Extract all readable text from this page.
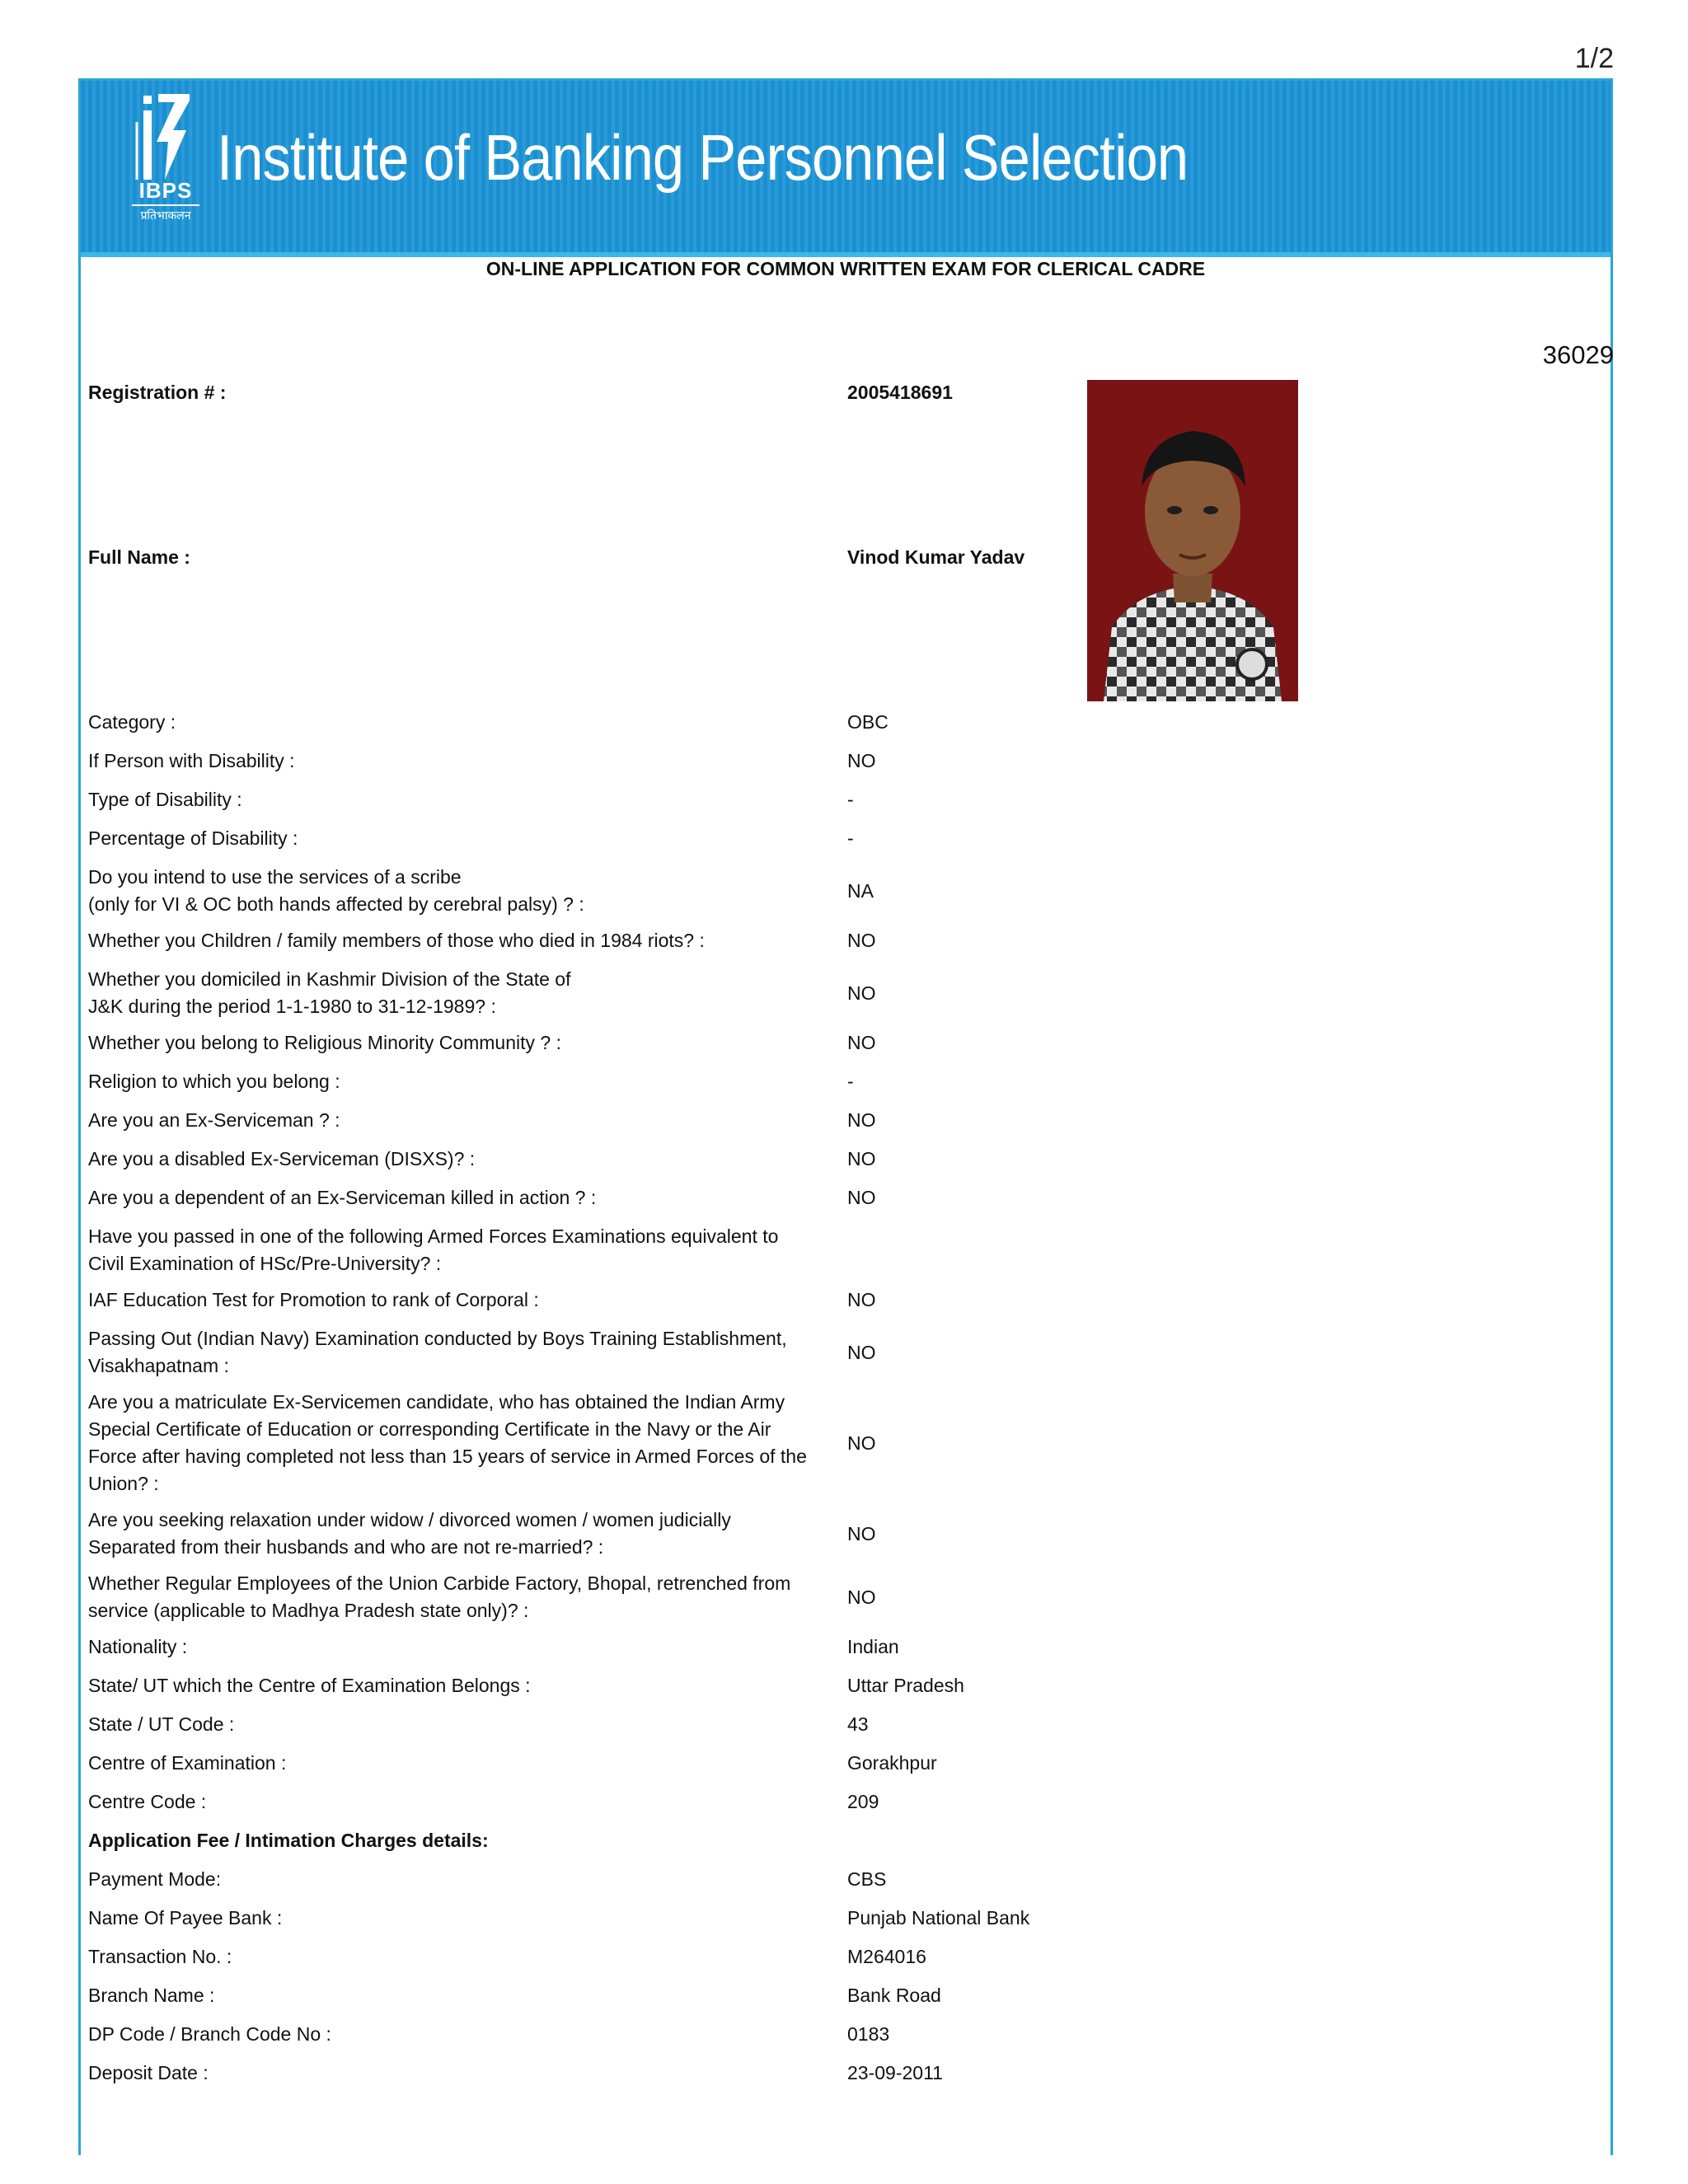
1/2
IBPS
प्रतिभाकलन
Institute of Banking Personnel Selection
ON-LINE APPLICATION FOR COMMON WRITTEN EXAM FOR CLERICAL CADRE
36029
Registration # :	2005418691
Full Name :	Vinod Kumar Yadav
Category :	OBC
If Person with Disability :	NO
Type of Disability :	-
Percentage of Disability :	-
Do you intend to use the services of a scribe
(only for VI & OC both hands affected by cerebral palsy) ? :
NA
Whether you Children / family members of those who died in 1984 riots? :	NO
Whether you domiciled in Kashmir Division of the State of
J&K during the period 1-1-1980 to 31-12-1989? :
NO
Whether you belong to Religious Minority Community ? :	NO
Religion to which you belong :	-
Are you an Ex-Serviceman ? :	NO
Are you a disabled Ex-Serviceman (DISXS)? :	NO
Are you a dependent of an Ex-Serviceman killed in action ? :	NO
Have you passed in one of the following Armed Forces Examinations equivalent to
Civil Examination of HSc/Pre-University? :
IAF Education Test for Promotion to rank of Corporal :	NO
Passing Out (Indian Navy) Examination conducted by Boys Training Establishment,
Visakhapatnam :
NO
Are you a matriculate Ex-Servicemen candidate, who has obtained the Indian Army
Special Certificate of Education or corresponding Certificate in the Navy or the Air
Force after having completed not less than 15 years of service in Armed Forces of the
Union? :
NO
Are you seeking relaxation under widow / divorced women / women judicially
Separated from their husbands and who are not re-married? :
NO
Whether Regular Employees of the Union Carbide Factory, Bhopal, retrenched from
service (applicable to Madhya Pradesh state only)? :
NO
Nationality :	Indian
State/ UT which the Centre of Examination Belongs :	Uttar Pradesh
State / UT Code :	43
Centre of Examination :	Gorakhpur
Centre Code :	209
Application Fee / Intimation Charges details:
Payment Mode:	CBS
Name Of Payee Bank :	Punjab National Bank
Transaction No. :	M264016
Branch Name :	Bank Road
DP Code / Branch Code No :	0183
Deposit Date :	23-09-2011
